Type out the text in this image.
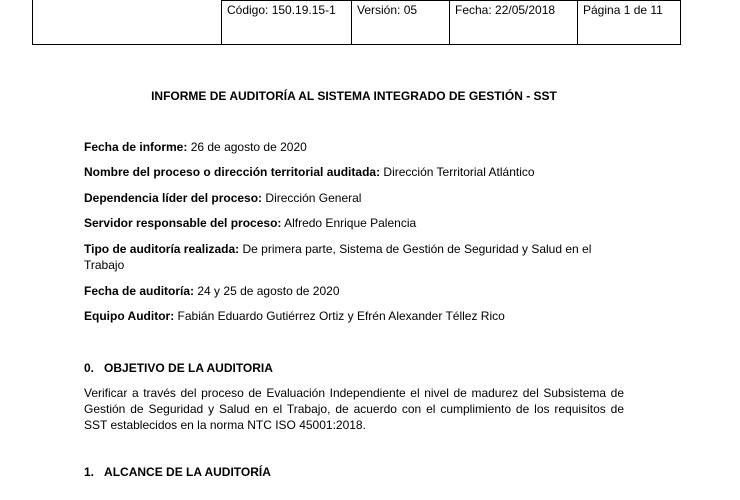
	Código: 150.19.15-1	Versión: 05	Fecha: 22/05/2018	Página 1 de 11
INFORME DE AUDITORÍA AL SISTEMA INTEGRADO DE GESTIÓN - SST
Fecha de informe: 26 de agosto de 2020
Nombre del proceso o dirección territorial auditada: Dirección Territorial Atlántico
Dependencia líder del proceso: Dirección General
Servidor responsable del proceso: Alfredo Enrique Palencia
Tipo de auditoría realizada: De primera parte, Sistema de Gestión de Seguridad y Salud en el Trabajo
Fecha de auditoría: 24 y 25 de agosto de 2020
Equipo Auditor: Fabián Eduardo Gutiérrez Ortiz y Efrén Alexander Téllez Rico
0. OBJETIVO DE LA AUDITORIA
Verificar a través del proceso de Evaluación Independiente el nivel de madurez del Subsistema de Gestión de Seguridad y Salud en el Trabajo, de acuerdo con el cumplimiento de los requisitos de SST establecidos en la norma NTC ISO 45001:2018.
1. ALCANCE DE LA AUDITORÍA
